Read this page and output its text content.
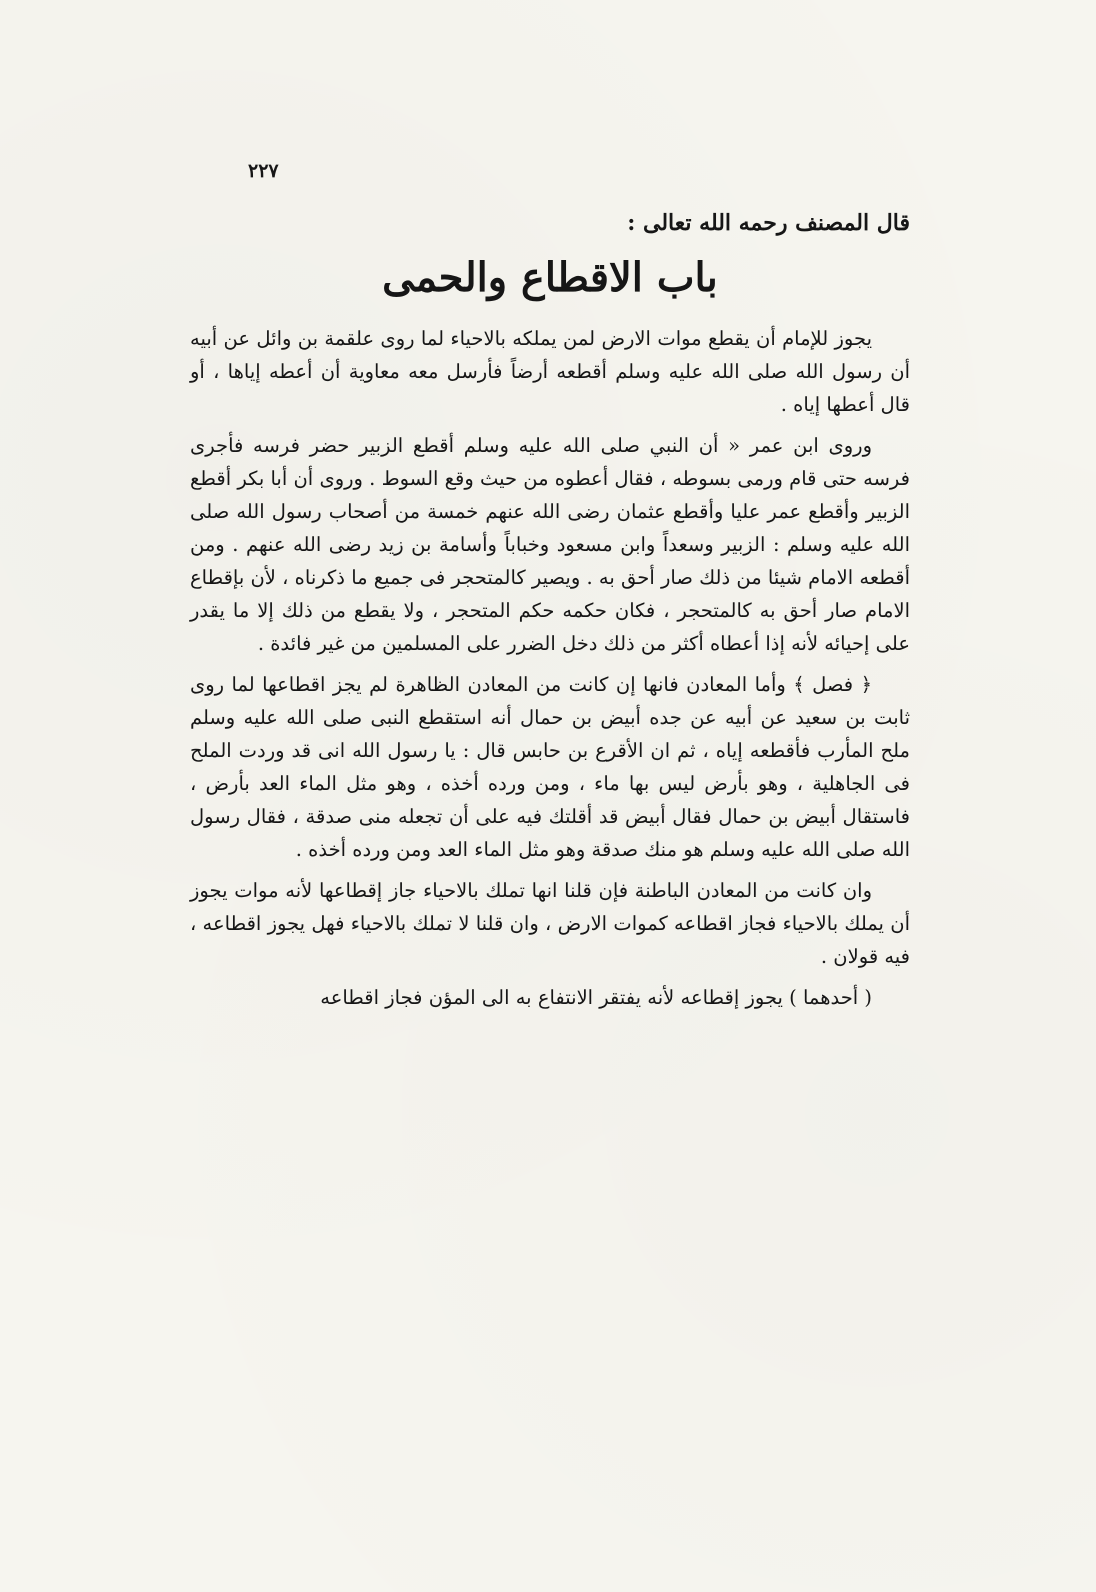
٢٢٧
قال المصنف رحمه الله تعالى :
باب الاقطاع والحمى

يجوز للإمام أن يقطع موات الارض لمن يملكه بالاحياء لما روى علقمة بن وائل عن أبيه أن رسول الله صلى الله عليه وسلم أقطعه أرضاً فأرسل معه معاوية أن أعطه إياها ، أو قال أعطها إياه .

وروى ابن عمر « أن النبي صلى الله عليه وسلم أقطع الزبير حضر فرسه فأجرى فرسه حتى قام ورمى بسوطه ، فقال أعطوه من حيث وقع السوط . وروى أن أبا بكر أقطع الزبير وأقطع عمر عليا وأقطع عثمان رضى الله عنهم خمسة من أصحاب رسول الله صلى الله عليه وسلم : الزبير وسعداً وابن مسعود وخباباً وأسامة بن زيد رضى الله عنهم . ومن أقطعه الامام شيئا من ذلك صار أحق به . ويصير كالمتحجر فى جميع ما ذكرناه ، لأن بإقطاع الامام صار أحق به كالمتحجر ، فكان حكمه حكم المتحجر ، ولا يقطع من ذلك إلا ما يقدر على إحيائه لأنه إذا أعطاه أكثر من ذلك دخل الضرر على المسلمين من غير فائدة .

﴿ فصل ﴾ وأما المعادن فانها إن كانت من المعادن الظاهرة لم يجز اقطاعها لما روى ثابت بن سعيد عن أبيه عن جده أبيض بن حمال أنه استقطع النبى صلى الله عليه وسلم ملح المأرب فأقطعه إياه ، ثم ان الأقرع بن حابس قال : يا رسول الله انى قد وردت الملح فى الجاهلية ، وهو بأرض ليس بها ماء ، ومن ورده أخذه ، وهو مثل الماء العد بأرض ، فاستقال أبيض بن حمال فقال أبيض قد أقلتك فيه على أن تجعله منى صدقة ، فقال رسول الله صلى الله عليه وسلم هو منك صدقة وهو مثل الماء العد ومن ورده أخذه .

وان كانت من المعادن الباطنة فإن قلنا انها تملك بالاحياء جاز إقطاعها لأنه موات يجوز أن يملك بالاحياء فجاز اقطاعه كموات الارض ، وان قلنا لا تملك بالاحياء فهل يجوز اقطاعه ، فيه قولان .

( أحدهما ) يجوز إقطاعه لأنه يفتقر الانتفاع به الى المؤن فجاز اقطاعه
